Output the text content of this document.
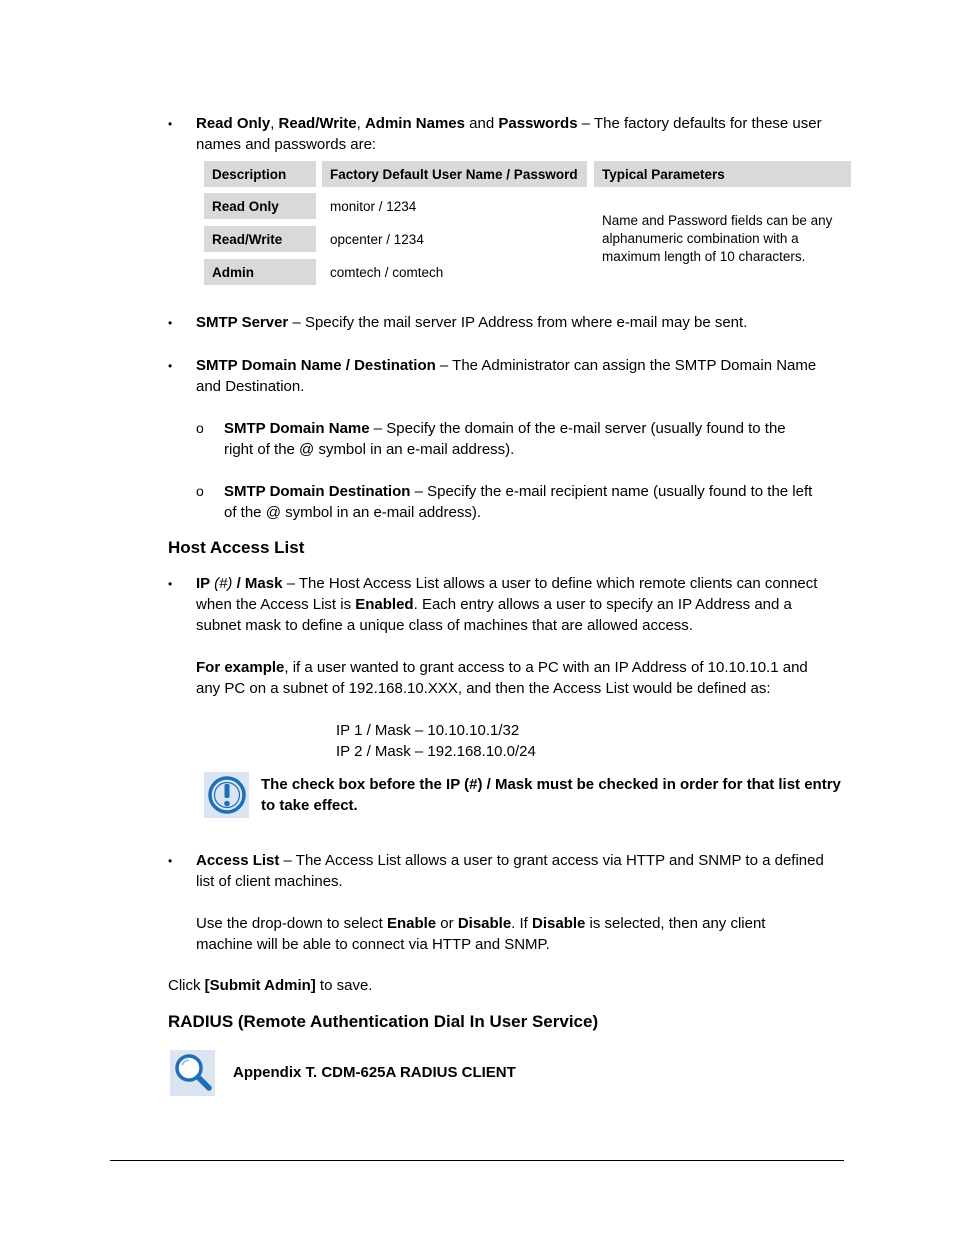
• Read Only, Read/Write, Admin Names and Passwords – The factory defaults for these user
names and passwords are:
Description	Factory Default User Name / Password	Typical Parameters
Read Only	monitor / 1234
Read/Write	opcenter / 1234
Admin	comtech / comtech
Name and Password fields can be any
alphanumeric combination with a
maximum length of 10 characters.
• SMTP Server – Specify the mail server IP Address from where e-mail may be sent.
• SMTP Domain Name / Destination – The Administrator can assign the SMTP Domain Name
and Destination.
o SMTP Domain Name – Specify the domain of the e-mail server (usually found to the
right of the @ symbol in an e-mail address).
o SMTP Domain Destination – Specify the e-mail recipient name (usually found to the left
of the @ symbol in an e-mail address).
Host Access List
• IP (#) / Mask – The Host Access List allows a user to define which remote clients can connect
when the Access List is Enabled. Each entry allows a user to specify an IP Address and a
subnet mask to define a unique class of machines that are allowed access.
For example, if a user wanted to grant access to a PC with an IP Address of 10.10.10.1 and
any PC on a subnet of 192.168.10.XXX, and then the Access List would be defined as:
IP 1 / Mask – 10.10.10.1/32
IP 2 / Mask – 192.168.10.0/24
The check box before the IP (#) / Mask must be checked in order for that list entry
to take effect.
• Access List – The Access List allows a user to grant access via HTTP and SNMP to a defined
list of client machines.
Use the drop-down to select Enable or Disable. If Disable is selected, then any client
machine will be able to connect via HTTP and SNMP.
Click [Submit Admin] to save.
RADIUS (Remote Authentication Dial In User Service)
Appendix T. CDM-625A RADIUS CLIENT
